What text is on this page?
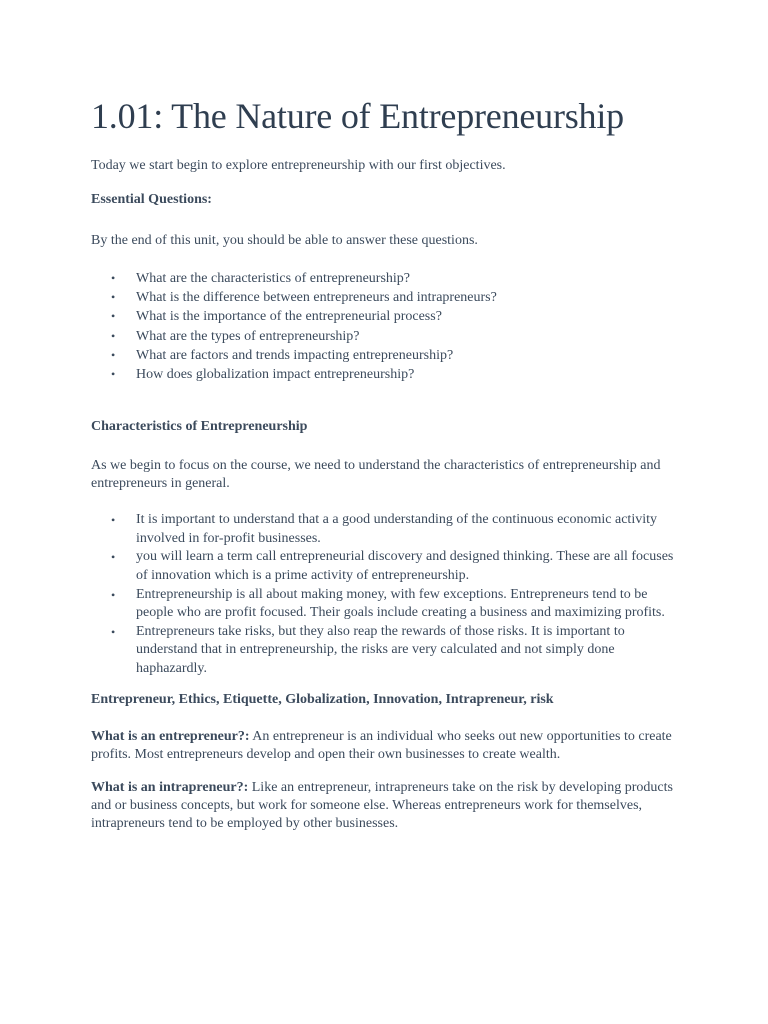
1.01: The Nature of Entrepreneurship

Today we start begin to explore entrepreneurship with our first objectives.

Essential Questions:

By the end of this unit, you should be able to answer these questions.

• What are the characteristics of entrepreneurship?
• What is the difference between entrepreneurs and intrapreneurs?
• What is the importance of the entrepreneurial process?
• What are the types of entrepreneurship?
• What are factors and trends impacting entrepreneurship?
• How does globalization impact entrepreneurship?

Characteristics of Entrepreneurship

As we begin to focus on the course, we need to understand the characteristics of entrepreneurship and entrepreneurs in general.

• It is important to understand that a a good understanding of the continuous economic activity involved in for-profit businesses.
• you will learn a term call entrepreneurial discovery and designed thinking. These are all focuses of innovation which is a prime activity of entrepreneurship.
• Entrepreneurship is all about making money, with few exceptions. Entrepreneurs tend to be people who are profit focused. Their goals include creating a business and maximizing profits.
• Entrepreneurs take risks, but they also reap the rewards of those risks. It is important to understand that in entrepreneurship, the risks are very calculated and not simply done haphazardly.

Entrepreneur, Ethics, Etiquette, Globalization, Innovation, Intrapreneur, risk

What is an entrepreneur?: An entrepreneur is an individual who seeks out new opportunities to create profits. Most entrepreneurs develop and open their own businesses to create wealth.

What is an intrapreneur?: Like an entrepreneur, intrapreneurs take on the risk by developing products and or business concepts, but work for someone else. Whereas entrepreneurs work for themselves, intrapreneurs tend to be employed by other businesses.
